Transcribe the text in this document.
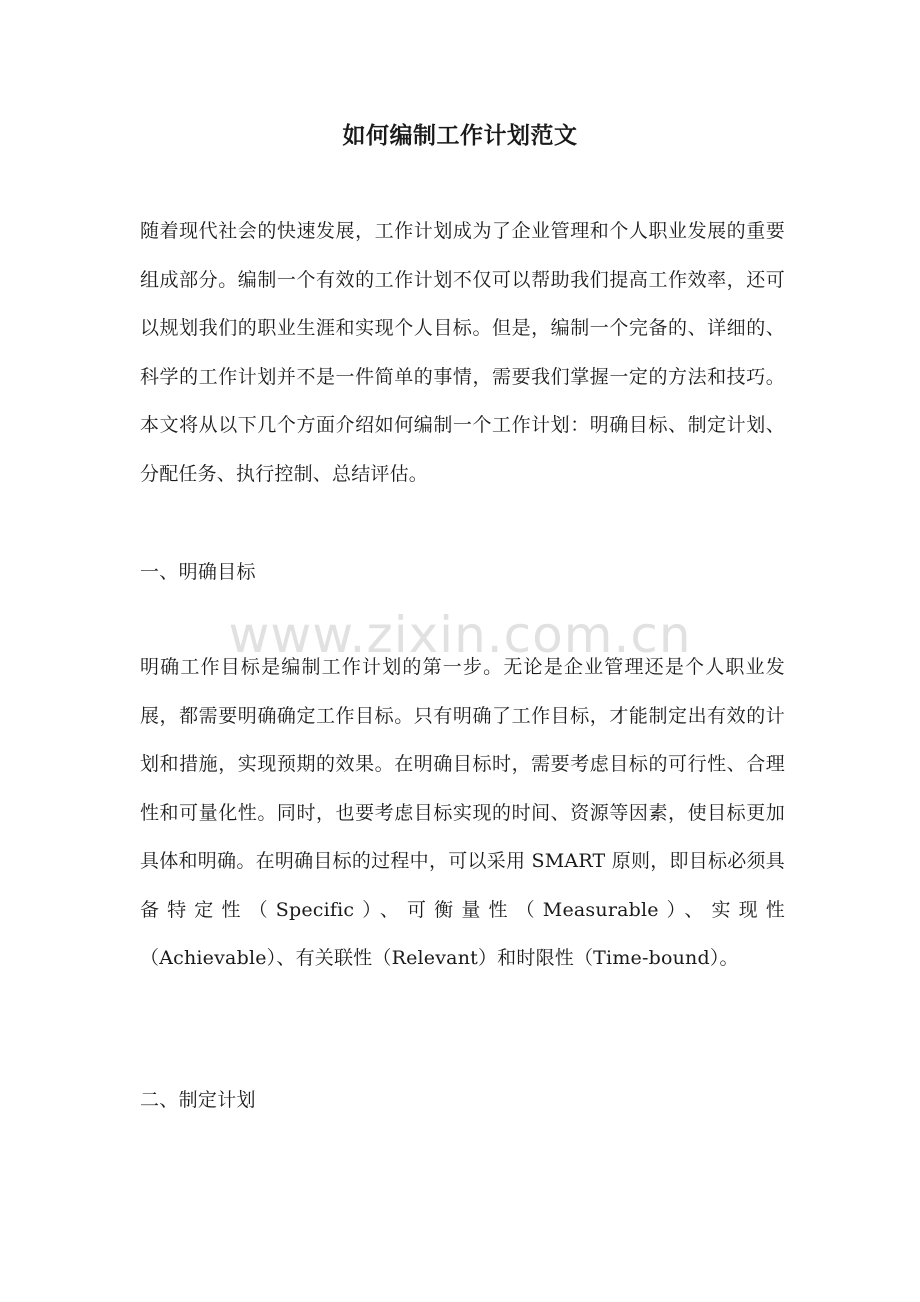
如何编制工作计划范文
随着现代社会的快速发展，工作计划成为了企业管理和个人职业发展的重要组成部分。编制一个有效的工作计划不仅可以帮助我们提高工作效率，还可以规划我们的职业生涯和实现个人目标。但是，编制一个完备的、详细的、科学的工作计划并不是一件简单的事情，需要我们掌握一定的方法和技巧。本文将从以下几个方面介绍如何编制一个工作计划：明确目标、制定计划、分配任务、执行控制、总结评估。
一、明确目标
明确工作目标是编制工作计划的第一步。无论是企业管理还是个人职业发展，都需要明确确定工作目标。只有明确了工作目标，才能制定出有效的计划和措施，实现预期的效果。在明确目标时，需要考虑目标的可行性、合理性和可量化性。同时，也要考虑目标实现的时间、资源等因素，使目标更加具体和明确。在明确目标的过程中，可以采用 SMART 原则，即目标必须具备特定性（Specific）、可衡量性（Measurable）、实现性（Achievable）、有关联性（Relevant）和时限性（Time-bound）。
二、制定计划
www.zixin.com.cn
